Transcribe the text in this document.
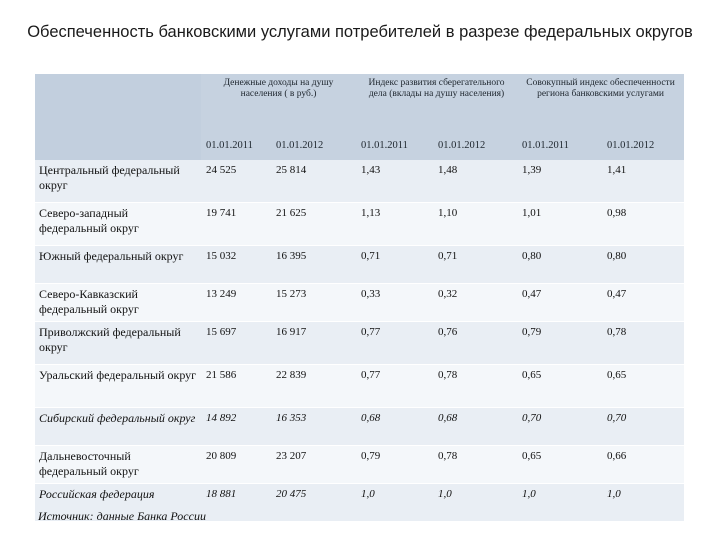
Обеспеченность банковскими услугами потребителей в разрезе федеральных округов
	Денежные доходы на душу населения ( в руб.)		Индекс развития сберегательного дела (вклады на душу населения)		Совокупный индекс обеспеченности региона банковскими услугами	
	01.01.2011	01.01.2012	01.01.2011	01.01.2012	01.01.2011	01.01.2012
Центральный федеральный округ	24 525	25 814	1,43	1,48	1,39	1,41
Северо-западный федеральный округ	19 741	21 625	1,13	1,10	1,01	0,98
Южный федеральный округ	15 032	16 395	0,71	0,71	0,80	0,80
Северо-Кавказский федеральный округ	13 249	15 273	0,33	0,32	0,47	0,47
Приволжский федеральный округ	15 697	16 917	0,77	0,76	0,79	0,78
Уральский федеральный округ	21 586	22 839	0,77	0,78	0,65	0,65
Сибирский федеральный округ	14 892	16 353	0,68	0,68	0,70	0,70
Дальневосточный федеральный округ	20 809	23 207	0,79	0,78	0,65	0,66
Российская федерация	18 881	20 475	1,0	1,0	1,0	1,0
Источник: данные Банка России
